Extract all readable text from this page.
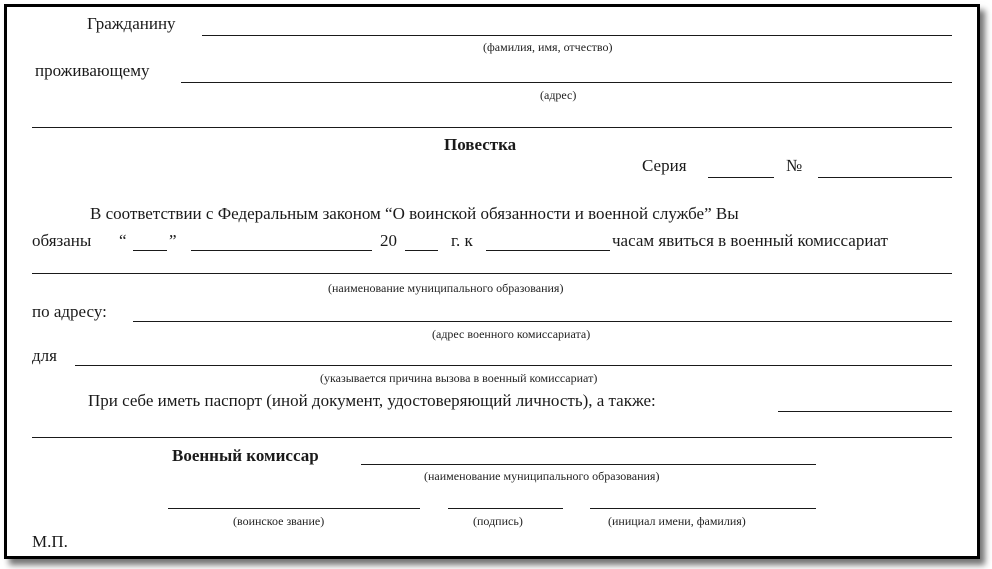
Гражданину
(фамилия, имя, отчество)
проживающему
(адрес)
Повестка
Серия	№
В соответствии с Федеральным законом “О воинской обязанности и военной службе” Вы
обязаны “ ”	20	г. к	часам явиться в военный комиссариат
(наименование муниципального образования)
по адресу:
(адрес военного комиссариата)
для
(указывается причина вызова в военный комиссариат)
При себе иметь паспорт (иной документ, удостоверяющий личность), а также:
Военный комиссар
(наименование муниципального образования)
(воинское звание)	(подпись)	(инициал имени, фамилия)
М.П.
